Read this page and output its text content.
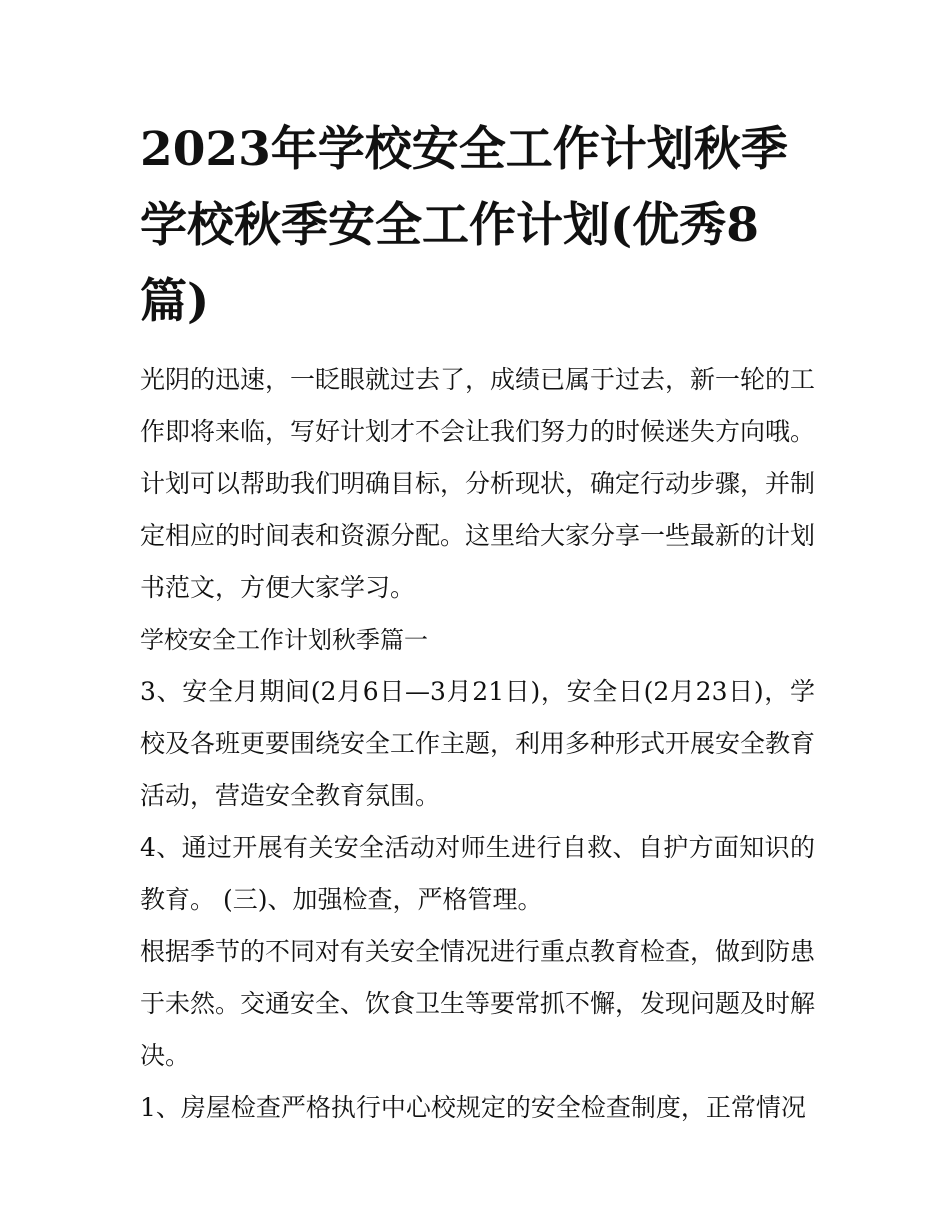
2023年学校安全工作计划秋季 学校秋季安全工作计划(优秀8篇)

光阴的迅速，一眨眼就过去了，成绩已属于过去，新一轮的工作即将来临，写好计划才不会让我们努力的时候迷失方向哦。计划可以帮助我们明确目标，分析现状，确定行动步骤，并制定相应的时间表和资源分配。这里给大家分享一些最新的计划书范文，方便大家学习。

学校安全工作计划秋季篇一

3、安全月期间(2月6日—3月21日)，安全日(2月23日)，学校及各班更要围绕安全工作主题，利用多种形式开展安全教育活动，营造安全教育氛围。

4、通过开展有关安全活动对师生进行自救、自护方面知识的教育。 (三)、加强检查，严格管理。

根据季节的不同对有关安全情况进行重点教育检查，做到防患于未然。交通安全、饮食卫生等要常抓不懈，发现问题及时解决。

1、房屋检查严格执行中心校规定的安全检查制度，正常情况
